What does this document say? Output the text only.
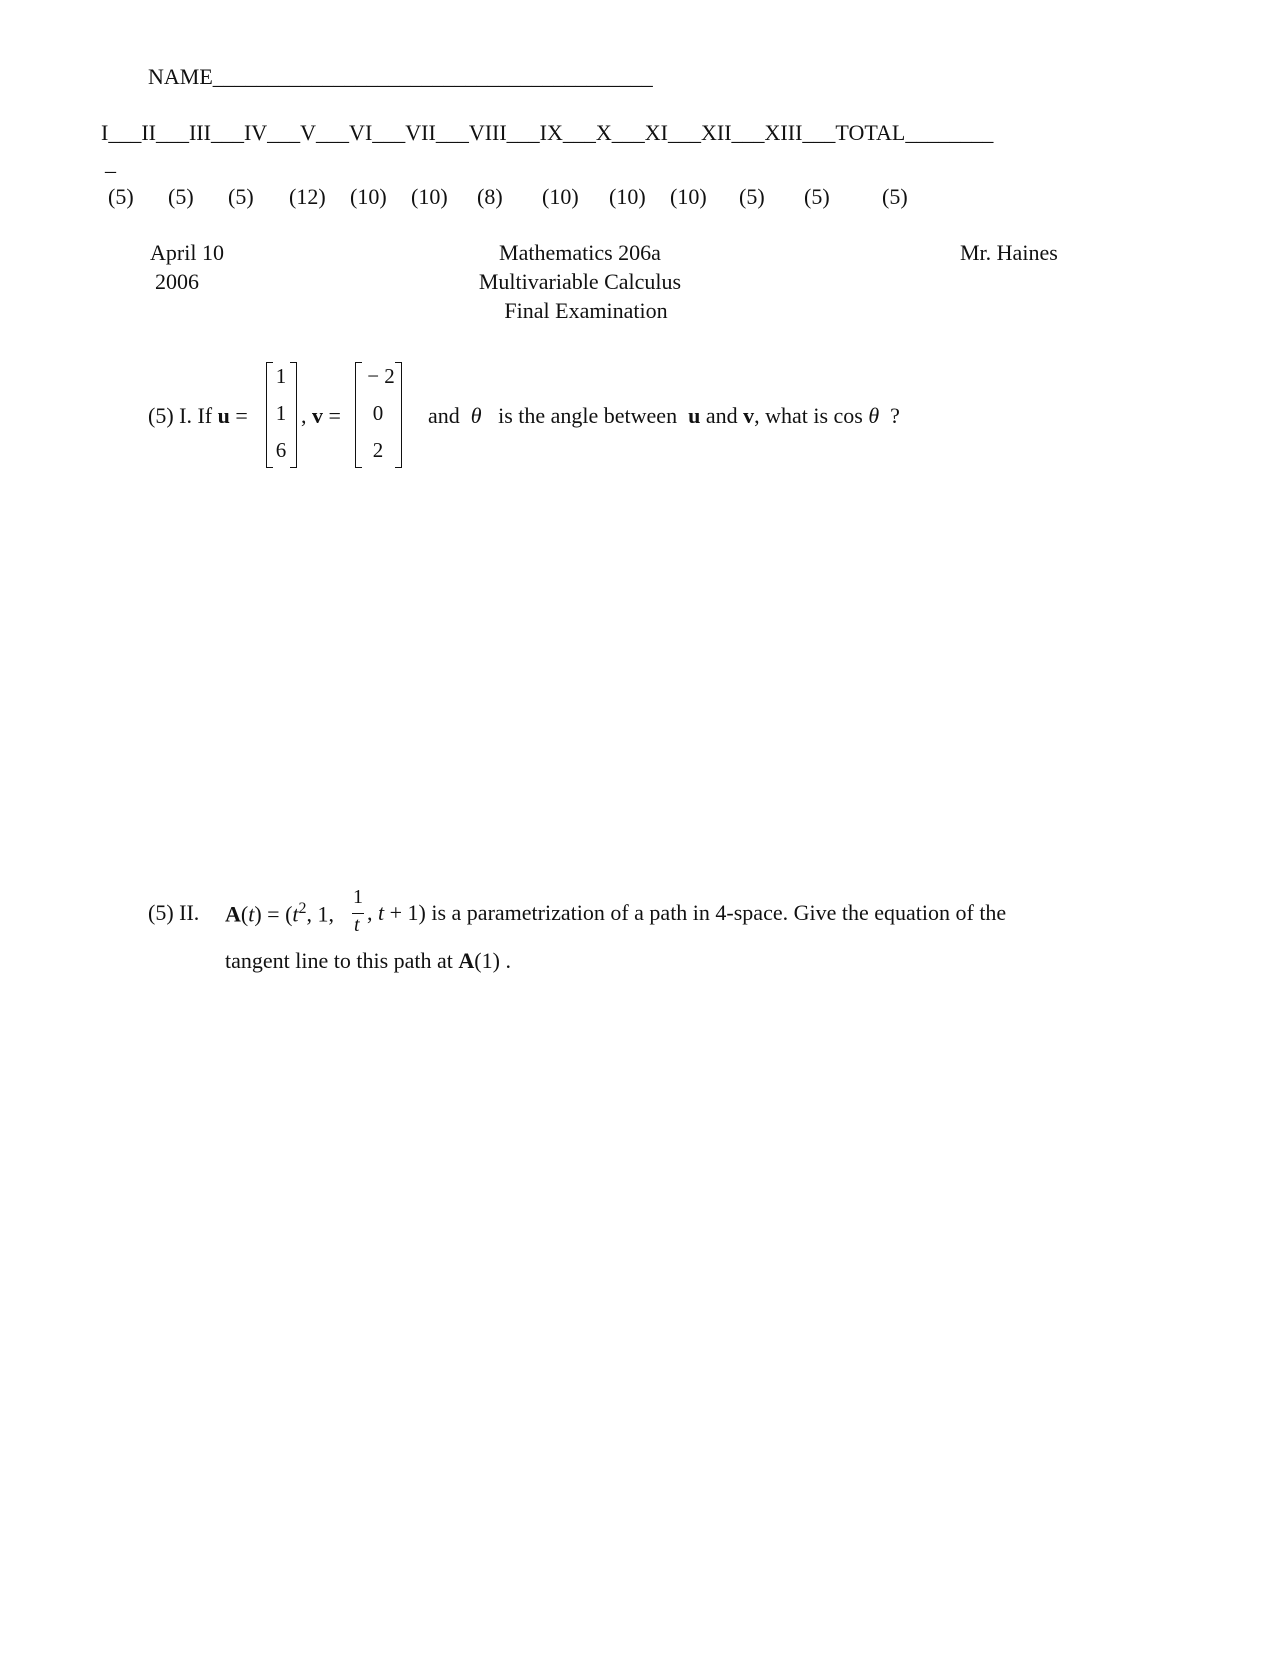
NAME________________________________________
I___II___III___IV___V___VI___VII___VIII___IX___X___XI___XII___XIII___TOTAL________
_
(5) (5) (5) (12) (10) (10) (8) (10) (10) (10) (5) (5) (5)
April 10
2006
Mathematics 206a
Multivariable Calculus
Final Examination
Mr. Haines
(5) I. If u =
1
1
6
, v =
− 2
0
2
and θ is the angle between u and v, what is cos θ ?
(5) II. $A(t) = (t^2$, 1,
1
t , t + 1) is a parametrization of a path in 4-space. Give the equation of the
tangent line to this path at A(1) .
